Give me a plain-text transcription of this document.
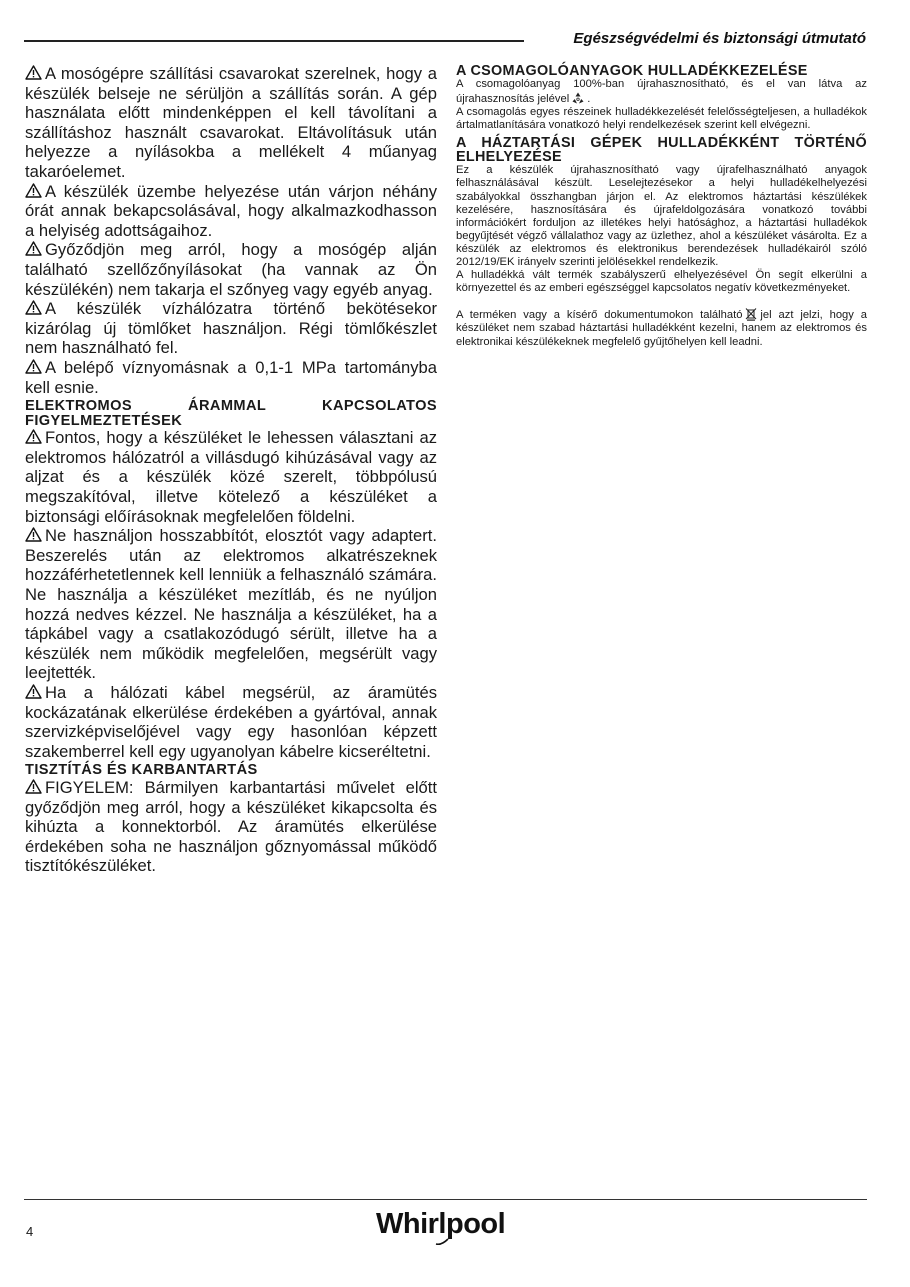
Egészségvédelmi és biztonsági útmutató

A mosógépre szállítási csavarokat szerelnek, hogy a készülék belseje ne sérüljön a szállítás során. A gép használata előtt mindenképpen el kell távolítani a szállításhoz használt csavarokat. Eltávolításuk után helyezze a nyílásokba a mellékelt 4 műanyag takaróelemet.

A készülék üzembe helyezése után várjon néhány órát annak bekapcsolásával, hogy alkalmazkodhasson a helyiség adottságaihoz.

Győződjön meg arról, hogy a mosógép alján található szellőzőnyílásokat (ha vannak az Ön készülékén) nem takarja el szőnyeg vagy egyéb anyag.

A készülék vízhálózatra történő bekötésekor kizárólag új tömlőket használjon. Régi tömlőkészlet nem használható fel.

A belépő víznyomásnak a 0,1-1 MPa tartományba kell esnie.

ELEKTROMOS ÁRAMMAL KAPCSOLATOS FIGYELMEZTETÉSEK

Fontos, hogy a készüléket le lehessen választani az elektromos hálózatról a villásdugó kihúzásával vagy az aljzat és a készülék közé szerelt, többpólusú megszakítóval, illetve kötelező a készüléket a biztonsági előírásoknak megfelelően földelni.

Ne használjon hosszabbítót, elosztót vagy adaptert. Beszerelés után az elektromos alkatrészeknek hozzáférhetetlennek kell lenniük a felhasználó számára. Ne használja a készüléket mezítláb, és ne nyúljon hozzá nedves kézzel. Ne használja a készüléket, ha a tápkábel vagy a csatlakozódugó sérült, illetve ha a készülék nem működik megfelelően, megsérült vagy leejtették.

Ha a hálózati kábel megsérül, az áramütés kockázatának elkerülése érdekében a gyártóval, annak szervizképviselőjével vagy egy hasonlóan képzett szakemberrel kell egy ugyanolyan kábelre kicseréltetni.

TISZTÍTÁS ÉS KARBANTARTÁS

FIGYELEM: Bármilyen karbantartási művelet előtt győződjön meg arról, hogy a készüléket kikapcsolta és kihúzta a konnektorból. Az áramütés elkerülése érdekében soha ne használjon gőznyomással működő tisztítókészüléket.

A CSOMAGOLÓANYAGOK HULLADÉKKEZELÉSE

A csomagolóanyag 100%-ban újrahasznosítható, és el van látva az újrahasznosítás jelével .

A csomagolás egyes részeinek hulladékkezelését felelősségteljesen, a hulladékok ártalmatlanítására vonatkozó helyi rendelkezések szerint kell elvégezni.

A HÁZTARTÁSI GÉPEK HULLADÉKKÉNT TÖRTÉNŐ ELHELYEZÉSE

Ez a készülék újrahasznosítható vagy újrafelhasználható anyagok felhasználásával készült. Leselejtezésekor a helyi hulladékelhelyezési szabályokkal összhangban járjon el. Az elektromos háztartási készülékek kezelésére, hasznosítására és újrafeldolgozására vonatkozó további információkért forduljon az illetékes helyi hatósághoz, a háztartási hulladékok begyűjtését végző vállalathoz vagy az üzlethez, ahol a készüléket vásárolta. Ez a készülék az elektromos és elektronikus berendezések hulladékairól szóló 2012/19/EK irányelv szerinti jelölésekkel rendelkezik.

A hulladékká vált termék szabályszerű elhelyezésével Ön segít elkerülni a környezettel és az emberi egészséggel kapcsolatos negatív következményeket.

A terméken vagy a kísérő dokumentumokon található jel azt jelzi, hogy a készüléket nem szabad háztartási hulladékként kezelni, hanem az elektromos és elektronikai készülékeknek megfelelő gyűjtőhelyen kell leadni.

4	Whirlpool
